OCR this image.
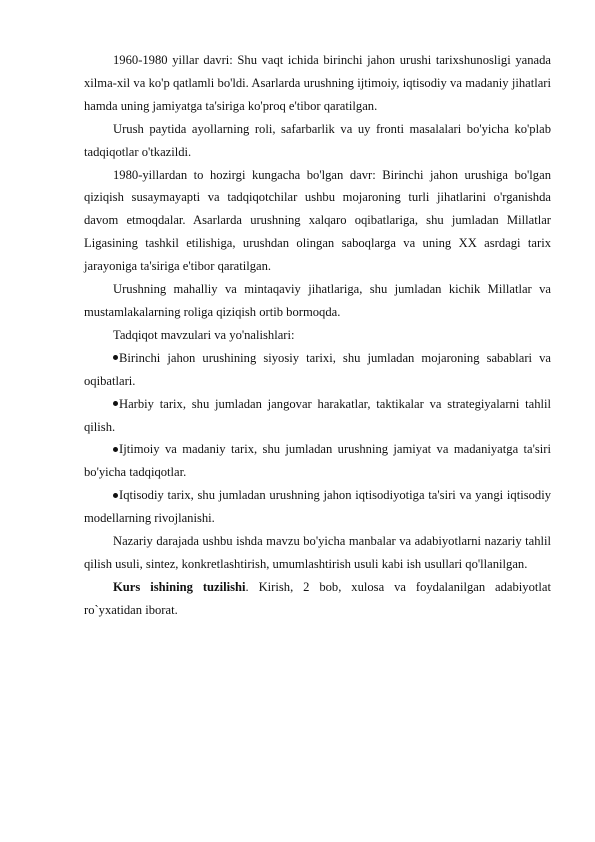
1960-1980 yillar davri: Shu vaqt ichida birinchi jahon urushi tarixshunosligi yanada xilma-xil va ko'p qatlamli bo'ldi. Asarlarda urushning ijtimoiy, iqtisodiy va madaniy jihatlari hamda uning jamiyatga ta'siriga ko'proq e'tibor qaratilgan.

Urush paytida ayollarning roli, safarbarlik va uy fronti masalalari bo'yicha ko'plab tadqiqotlar o'tkazildi.

1980-yillardan to hozirgi kungacha bo'lgan davr: Birinchi jahon urushiga bo'lgan qiziqish susaymayapti va tadqiqotchilar ushbu mojaroning turli jihatlarini o'rganishda davom etmoqdalar. Asarlarda urushning xalqaro oqibatlariga, shu jumladan Millatlar Ligasining tashkil etilishiga, urushdan olingan saboqlarga va uning XX asrdagi tarix jarayoniga ta'siriga e'tibor qaratilgan.

Urushning mahalliy va mintaqaviy jihatlariga, shu jumladan kichik Millatlar va mustamlakalarning roliga qiziqish ortib bormoqda.

Tadqiqot mavzulari va yo'nalishlari:

Birinchi jahon urushining siyosiy tarixi, shu jumladan mojaroning sabablari va oqibatlari.

Harbiy tarix, shu jumladan jangovar harakatlar, taktikalar va strategiyalarni tahlil qilish.

Ijtimoiy va madaniy tarix, shu jumladan urushning jamiyat va madaniyatga ta'siri bo'yicha tadqiqotlar.

Iqtisodiy tarix, shu jumladan urushning jahon iqtisodiyotiga ta'siri va yangi iqtisodiy modellarning rivojlanishi.

Nazariy darajada ushbu ishda mavzu bo'yicha manbalar va adabiyotlarni nazariy tahlil qilish usuli, sintez, konkretlashtirish, umumlashtirish usuli kabi ish usullari qo'llanilgan.

Kurs ishining tuzilishi. Kirish, 2 bob, xulosa va foydalanilgan adabiyotlat ro`yxatidan iborat.
